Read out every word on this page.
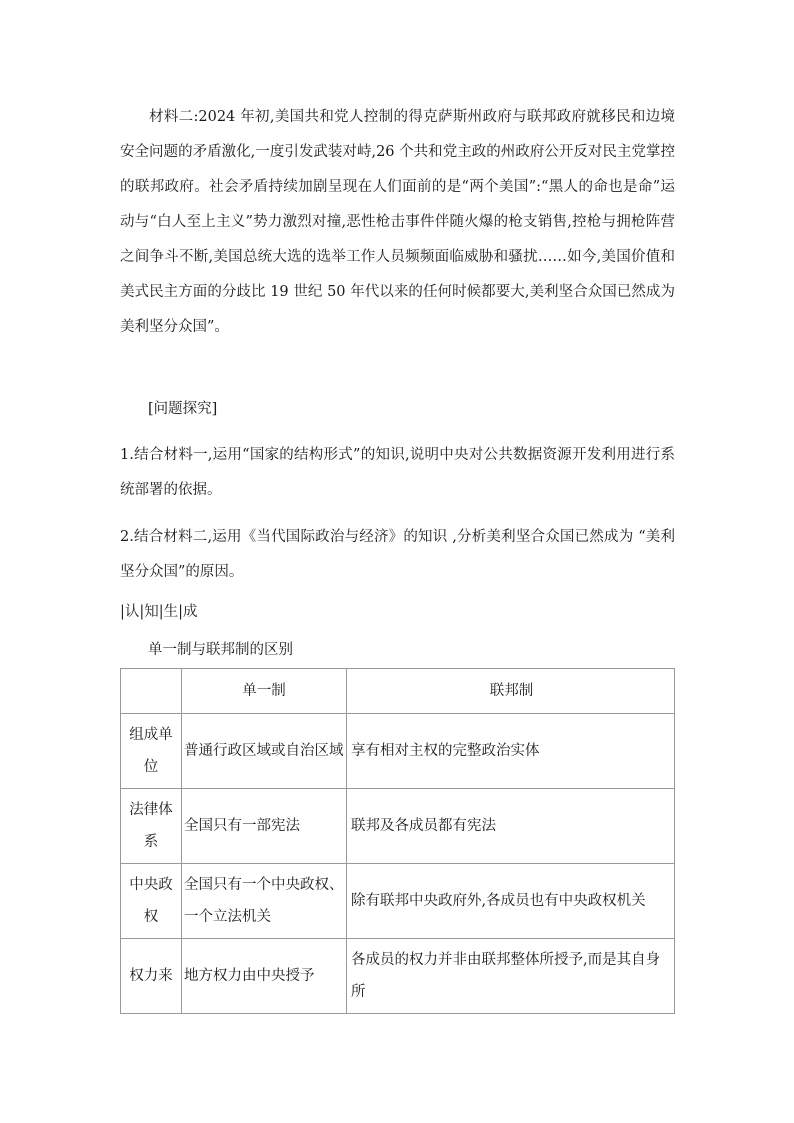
材料二:2024 年初,美国共和党人控制的得克萨斯州政府与联邦政府就移民和边境安全问题的矛盾激化,一度引发武装对峙,26 个共和党主政的州政府公开反对民主党掌控的联邦政府。社会矛盾持续加剧呈现在人们面前的是“两个美国”:“黑人的命也是命”运动与“白人至上主义”势力激烈对撞,恶性枪击事件伴随火爆的枪支销售,控枪与拥枪阵营之间争斗不断,美国总统大选的选举工作人员频频面临威胁和骚扰……如今,美国价值和美式民主方面的分歧比 19 世纪 50 年代以来的任何时候都要大,美利坚合众国已然成为美利坚分众国”。

[问题探究]

1.结合材料一,运用“国家的结构形式”的知识,说明中央对公共数据资源开发利用进行系统部署的依据。

2.结合材料二,运用《当代国际政治与经济》的知识 ,分析美利坚合众国已然成为 “美利坚分众国”的原因。

|认|知|生|成

单一制与联邦制的区别

	单一制	联邦制
组成单位	普通行政区域或自治区域	享有相对主权的完整政治实体
法律体系	全国只有一部宪法	联邦及各成员都有宪法
中央政权	全国只有一个中央政权、一个立法机关	除有联邦中央政府外,各成员也有中央政权机关
权力来	地方权力由中央授予	各成员的权力并非由联邦整体所授予,而是其自身所
